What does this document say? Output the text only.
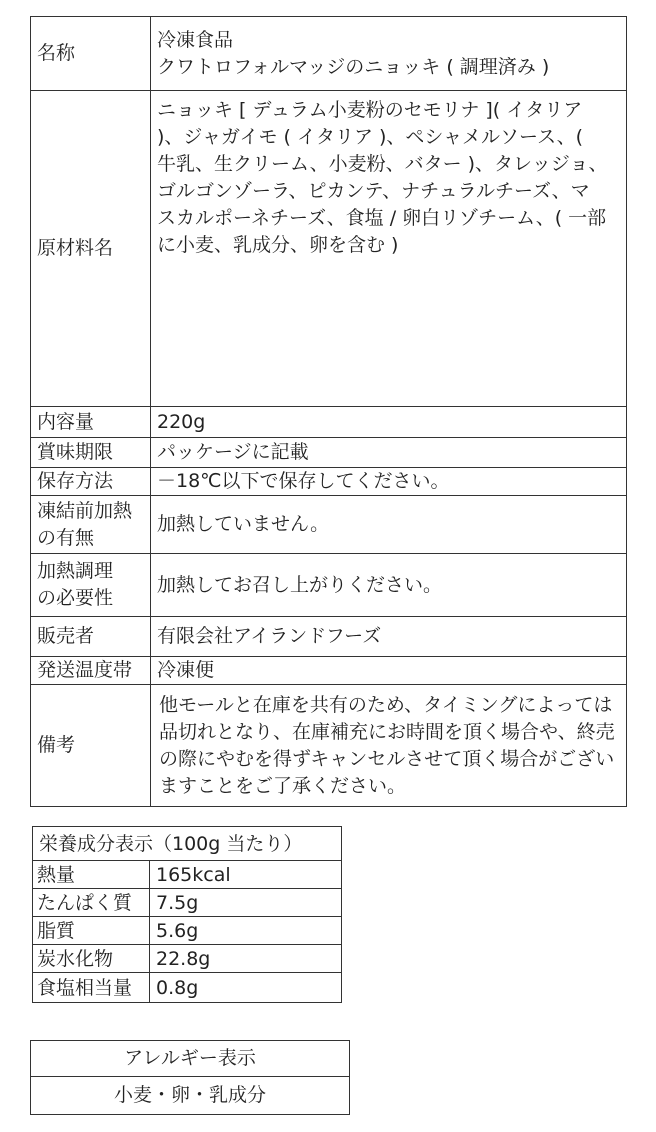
名称	冷凍食品
クワトロフォルマッジのニョッキ ( 調理済み )
原材料名	ニョッキ [ デュラム小麦粉のセモリナ ]( イタリア )、ジャガイモ ( イタリア )、ペシャメルソース、( 牛乳、生クリーム、小麦粉、バター )、タレッジョ、ゴルゴンゾーラ、ピカンテ、ナチュラルチーズ、マスカルポーネチーズ、食塩 / 卵白リゾチーム、( 一部に小麦、乳成分、卵を含む )
内容量	220g
賞味期限	パッケージに記載
保存方法	－18℃以下で保存してください。
凍結前加熱
の有無	加熱していません。
加熱調理
の必要性	加熱してお召し上がりください。
販売者	有限会社アイランドフーズ
発送温度帯	冷凍便
備考	他モールと在庫を共有のため、タイミングによっては品切れとなり、在庫補充にお時間を頂く場合や、終売の際にやむを得ずキャンセルさせて頂く場合がございますことをご了承ください。
栄養成分表示（100g 当たり）	
熱量	165kcal
たんぱく質	7.5g
脂質	5.6g
炭水化物	22.8g
食塩相当量	0.8g
アレルギー表示
小麦・卵・乳成分
